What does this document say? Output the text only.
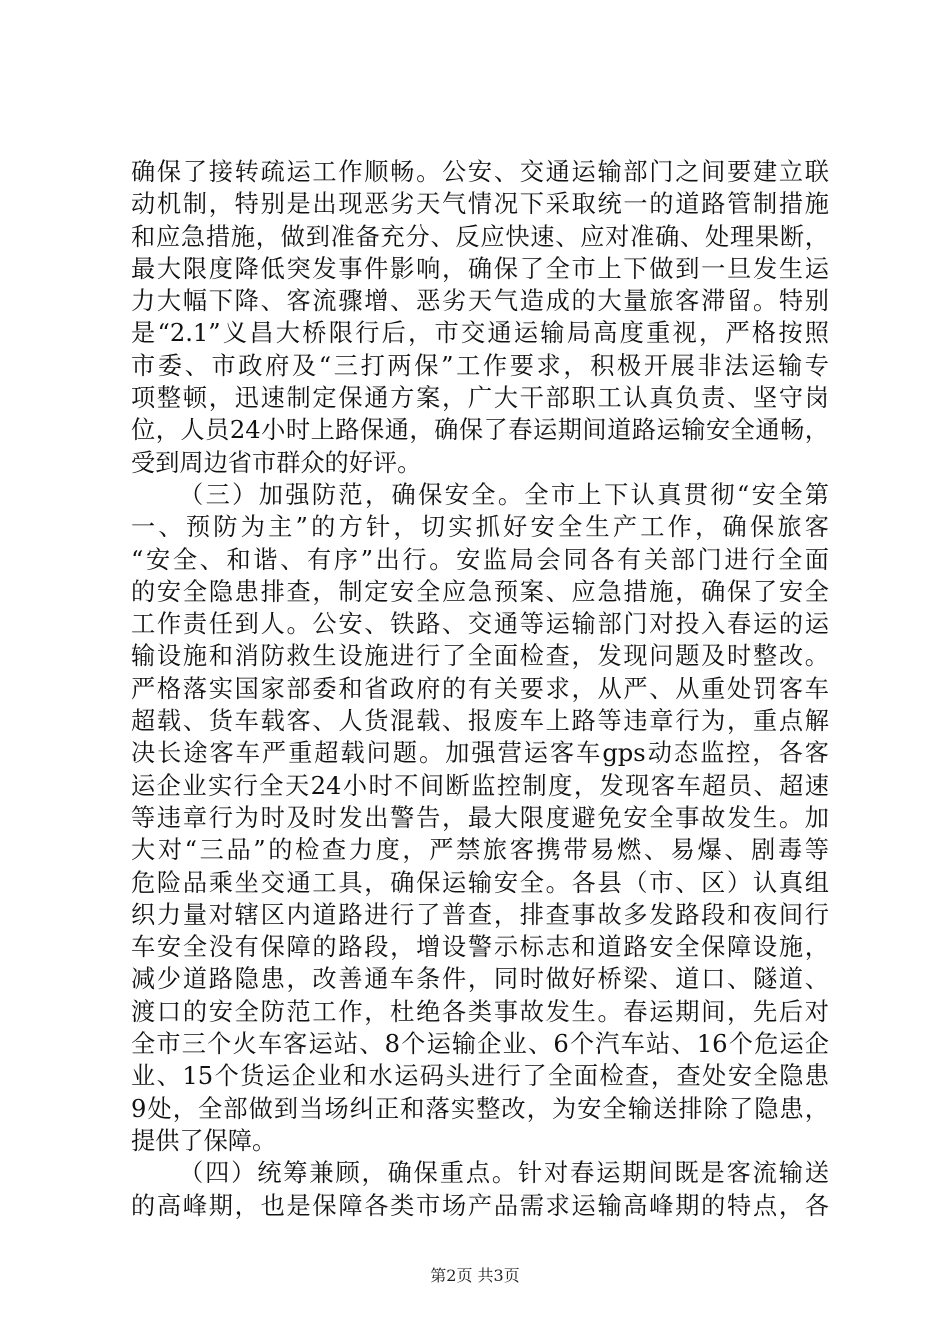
确保了接转疏运工作顺畅。公安、交通运输部门之间要建立联
动机制，特别是出现恶劣天气情况下采取统一的道路管制措施
和应急措施，做到准备充分、反应快速、应对准确、处理果断，
最大限度降低突发事件影响，确保了全市上下做到一旦发生运
力大幅下降、客流骤增、恶劣天气造成的大量旅客滞留。特别
是“2.1”义昌大桥限行后，市交通运输局高度重视，严格按照
市委、市政府及“三打两保”工作要求，积极开展非法运输专
项整顿，迅速制定保通方案，广大干部职工认真负责、坚守岗
位，人员24小时上路保通，确保了春运期间道路运输安全通畅，
受到周边省市群众的好评。
（三）加强防范，确保安全。全市上下认真贯彻“安全第
一、预防为主”的方针，切实抓好安全生产工作，确保旅客
“安全、和谐、有序”出行。安监局会同各有关部门进行全面
的安全隐患排查，制定安全应急预案、应急措施，确保了安全
工作责任到人。公安、铁路、交通等运输部门对投入春运的运
输设施和消防救生设施进行了全面检查，发现问题及时整改。
严格落实国家部委和省政府的有关要求，从严、从重处罚客车
超载、货车载客、人货混载、报废车上路等违章行为，重点解
决长途客车严重超载问题。加强营运客车gps动态监控，各客
运企业实行全天24小时不间断监控制度，发现客车超员、超速
等违章行为时及时发出警告，最大限度避免安全事故发生。加
大对“三品”的检查力度，严禁旅客携带易燃、易爆、剧毒等
危险品乘坐交通工具，确保运输安全。各县（市、区）认真组
织力量对辖区内道路进行了普查，排查事故多发路段和夜间行
车安全没有保障的路段，增设警示标志和道路安全保障设施，
减少道路隐患，改善通车条件，同时做好桥梁、道口、隧道、
渡口的安全防范工作，杜绝各类事故发生。春运期间，先后对
全市三个火车客运站、8个运输企业、6个汽车站、16个危运企
业、15个货运企业和水运码头进行了全面检查，查处安全隐患
9处，全部做到当场纠正和落实整改，为安全输送排除了隐患，
提供了保障。
（四）统筹兼顾，确保重点。针对春运期间既是客流输送
的高峰期，也是保障各类市场产品需求运输高峰期的特点，各
第2页 共3页
